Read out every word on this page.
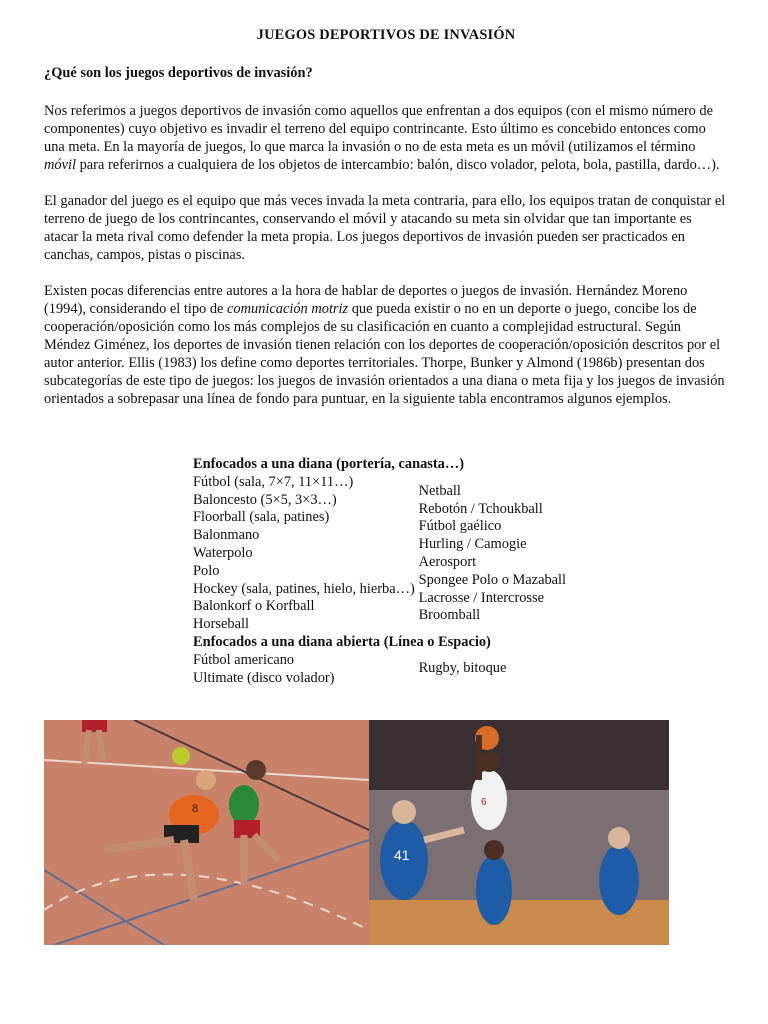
JUEGOS DEPORTIVOS DE INVASIÓN
¿Qué son los juegos deportivos de invasión?

Nos referimos a juegos deportivos de invasión como aquellos que enfrentan a dos equipos (con el mismo número de componentes) cuyo objetivo es invadir el terreno del equipo contrincante. Esto último es concebido entonces como una meta. En la mayoría de juegos, lo que marca la invasión o no de esta meta es un móvil (utilizamos el término móvil para referirnos a cualquiera de los objetos de intercambio: balón, disco volador, pelota, bola, pastilla, dardo…).

El ganador del juego es el equipo que más veces invada la meta contraria, para ello, los equipos tratan de conquistar el terreno de juego de los contrincantes, conservando el móvil y atacando su meta sin olvidar que tan importante es atacar la meta rival como defender la meta propia. Los juegos deportivos de invasión pueden ser practicados en canchas, campos, pistas o piscinas.

Existen pocas diferencias entre autores a la hora de hablar de deportes o juegos de invasión. Hernández Moreno (1994), considerando el tipo de comunicación motriz que pueda existir o no en un deporte o juego, concibe los de cooperación/oposición como los más complejos de su clasificación en cuanto a complejidad estructural. Según Méndez Giménez, los deportes de invasión tienen relación con los deportes de cooperación/oposición descritos por el autor anterior. Ellis (1983) los define como deportes territoriales. Thorpe, Bunker y Almond (1986b) presentan dos subcategorías de este tipo de juegos: los juegos de invasión orientados a una diana o meta fija y los juegos de invasión orientados a sobrepasar una línea de fondo para puntuar, en la siguiente tabla encontramos algunos ejemplos.

Enfocados a una diana (portería, canasta…)
Fútbol (sala, 7×7, 11×11…)
Baloncesto (5×5, 3×3…)
Floorball (sala, patines)
Balonmano
Waterpolo
Polo
Hockey (sala, patines, hielo, hierba…)
Balonkorf o Korfball
Horseball
Netball
Rebotón / Tchoukball
Fútbol gaélico
Hurling / Camogie
Aerosport
Spongee Polo o Mazaball
Lacrosse / Intercrosse
Broomball
Enfocados a una diana abierta (Línea o Espacio)
Fútbol americano
Ultimate (disco volador)
Rugby, bitoque
8
6
41
